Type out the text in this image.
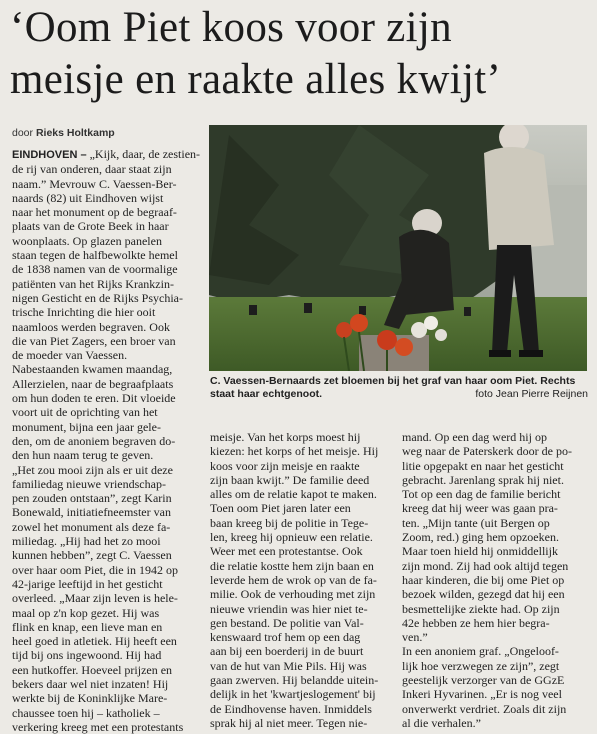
‘Oom Piet koos voor zijn
meisje en raakte alles kwijt’
door Rieks Holtkamp

EINDHOVEN – „Kijk, daar, de zestien-

de rij van onderen, daar staat zijn
naam.” Mevrouw C. Vaessen-Ber-
naards (82) uit Eindhoven wijst
naar het monument op de begraaf-
plaats van de Grote Beek in haar
woonplaats. Op glazen panelen
staan tegen de halfbewolkte hemel
de 1838 namen van de voormalige
patiënten van het Rijks Krankzin-
nigen Gesticht en de Rijks Psychia-
trische Inrichting die hier ooit
naamloos werden begraven. Ook
die van Piet Zagers, een broer van
de moeder van Vaessen.
Nabestaanden kwamen maandag,
Allerzielen, naar de begraafplaats
om hun doden te eren. Dit vloeide
voort uit de oprichting van het
monument, bijna een jaar gele-
den, om de anoniem begraven do-
den hun naam terug te geven.
„Het zou mooi zijn als er uit deze
familiedag nieuwe vriendschap-
pen zouden ontstaan”, zegt Karin
Bonewald, initiatiefneemster van
zowel het monument als deze fa-
miliedag. „Hij had het zo mooi
kunnen hebben”, zegt C. Vaessen
over haar oom Piet, die in 1942 op
42-jarige leeftijd in het gesticht
overleed. „Maar zijn leven is hele-
maal op z'n kop gezet. Hij was
flink en knap, een lieve man en
heel goed in atletiek. Hij heeft een
tijd bij ons ingewoond. Hij had
een hutkoffer. Hoeveel prijzen en
bekers daar wel niet inzaten! Hij
werkte bij de Koninklijke Mare-
chaussee toen hij – katholiek –
verkering kreeg met een protestants

C. Vaessen-Bernaards zet bloemen bij het graf van haar oom Piet. Rechts staat haar echtgenoot.	foto Jean Pierre Reijnen
meisje. Van het korps moest hij
kiezen: het korps of het meisje. Hij
koos voor zijn meisje en raakte
zijn baan kwijt.” De familie deed
alles om de relatie kapot te maken.
Toen oom Piet jaren later een
baan kreeg bij de politie in Tege-
len, kreeg hij opnieuw een relatie.
Weer met een protestantse. Ook
die relatie kostte hem zijn baan en
leverde hem de wrok op van de fa-
milie. Ook de verhouding met zijn
nieuwe vriendin was hier niet te-
gen bestand. De politie van Val-
kenswaard trof hem op een dag
aan bij een boerderij in de buurt
van de hut van Mie Pils. Hij was
gaan zwerven. Hij belandde uitein-
delijk in het 'kwartjeslogement' bij
de Eindhovense haven. Inmiddels
sprak hij al niet meer. Tegen nie-
mand. Op een dag werd hij op
weg naar de Paterskerk door de po-
litie opgepakt en naar het gesticht
gebracht. Jarenlang sprak hij niet.
Tot op een dag de familie bericht
kreeg dat hij weer was gaan pra-
ten. „Mijn tante (uit Bergen op
Zoom, red.) ging hem opzoeken.
Maar toen hield hij onmiddellijk
zijn mond. Zij had ook altijd tegen
haar kinderen, die bij ome Piet op
bezoek wilden, gezegd dat hij een
besmettelijke ziekte had. Op zijn
42e hebben ze hem hier begra-
ven.”
In een anoniem graf. „Ongeloof-
lijk hoe verzwegen ze zijn”, zegt
geestelijk verzorger van de GGzE
Inkeri Hyvarinen. „Er is nog veel
onverwerkt verdriet. Zoals dit zijn
al die verhalen.”
